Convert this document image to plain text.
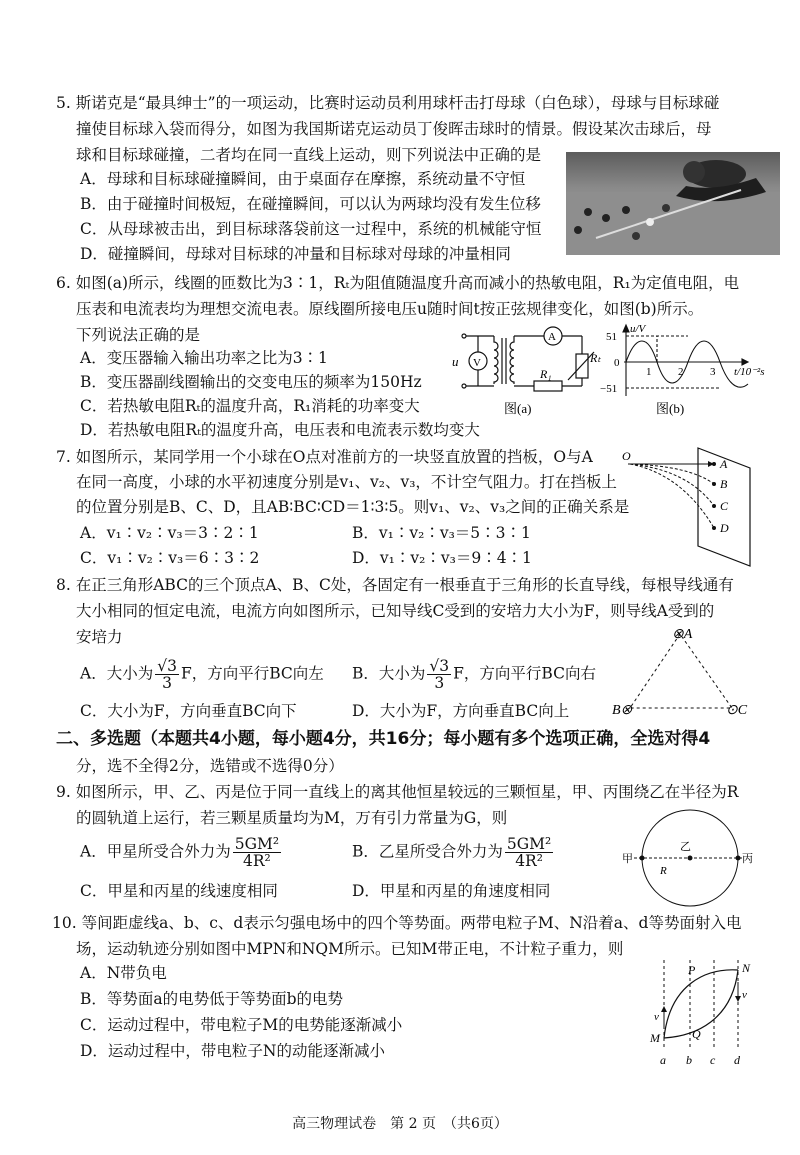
5. 斯诺克是“最具绅士”的一项运动，比赛时运动员利用球杆击打母球（白色球），母球与目标球碰
撞使目标球入袋而得分，如图为我国斯诺克运动员丁俊晖击球时的情景。假设某次击球后，母
球和目标球碰撞，二者均在同一直线上运动，则下列说法中正确的是
A．母球和目标球碰撞瞬间，由于桌面存在摩擦，系统动量不守恒
B．由于碰撞时间极短，在碰撞瞬间，可以认为两球均没有发生位移
C．从母球被击出，到目标球落袋前这一过程中，系统的机械能守恒
D．碰撞瞬间，母球对目标球的冲量和目标球对母球的冲量相同
6. 如图(a)所示，线圈的匝数比为3∶1，Rₜ为阻值随温度升高而减小的热敏电阻，R₁为定值电阻，电
压表和电流表均为理想交流电表。原线圈所接电压u随时间t按正弦规律变化，如图(b)所示。
下列说法正确的是
A．变压器输入输出功率之比为3∶1
B．变压器副线圈输出的交变电压的频率为150Hz
C．若热敏电阻Rₜ的温度升高，R₁消耗的功率变大
D．若热敏电阻Rₜ的温度升高，电压表和电流表示数均变大
u V
A
Rₜ
R₁
图(a)
u/V
51
0
−51
1 2 3 t/10⁻²s
图(b)
7. 如图所示，某同学用一个小球在O点对准前方的一块竖直放置的挡板，O与A
在同一高度，小球的水平初速度分别是v₁、v₂、v₃，不计空气阻力。打在挡板上
的位置分别是B、C、D，且AB∶BC∶CD＝1∶3∶5。则v₁、v₂、v₃之间的正确关系是
A．v₁∶v₂∶v₃＝3∶2∶1	B．v₁∶v₂∶v₃＝5∶3∶1
C．v₁∶v₂∶v₃＝6∶3∶2	D．v₁∶v₂∶v₃＝9∶4∶1
O
A
B
C
D
8. 在正三角形ABC的三个顶点A、B、C处，各固定有一根垂直于三角形的长直导线，每根导线通有
大小相同的恒定电流，电流方向如图所示，已知导线C受到的安培力大小为F，则导线A受到的
安培力
A．大小为 $\frac{√3}{3}$ F，方向平行BC向左 B．大小为 $\frac{√3}{3}$ F，方向平行BC向右
C．大小为F，方向垂直BC向下	D．大小为F，方向垂直BC向上
⊗A
B⊗	⊙C
二、多选题（本题共4小题，每小题4分，共16分；每小题有多个选项正确，全选对得4
分，选不全得2分，选错或不选得0分）
9. 如图所示，甲、乙、丙是位于同一直线上的离其他恒星较远的三颗恒星，甲、丙围绕乙在半径为R
的圆轨道上运行，若三颗星质量均为M，万有引力常量为G，则
A．甲星所受合外力为 $\frac{\text{5GM²}}{\text{4R²}}$	B．乙星所受合外力为 $\frac{\text{5GM²}}{\text{4R²}}$
C．甲星和丙星的线速度相同	D．甲星和丙星的角速度相同
甲
乙
丙
R
10. 等间距虚线a、b、c、d表示匀强电场中的四个等势面。两带电粒子M、N沿着a、d等势面射入电
场，运动轨迹分别如图中MPN和NQM所示。已知M带正电，不计粒子重力，则
A．N带负电
B．等势面a的电势低于等势面b的电势
C．运动过程中，带电粒子M的电势能逐渐减小
D．运动过程中，带电粒子N的动能逐渐减小
P	N
M	Q
v
v
a b c d
高三物理试卷　第 2 页　（共6页）
